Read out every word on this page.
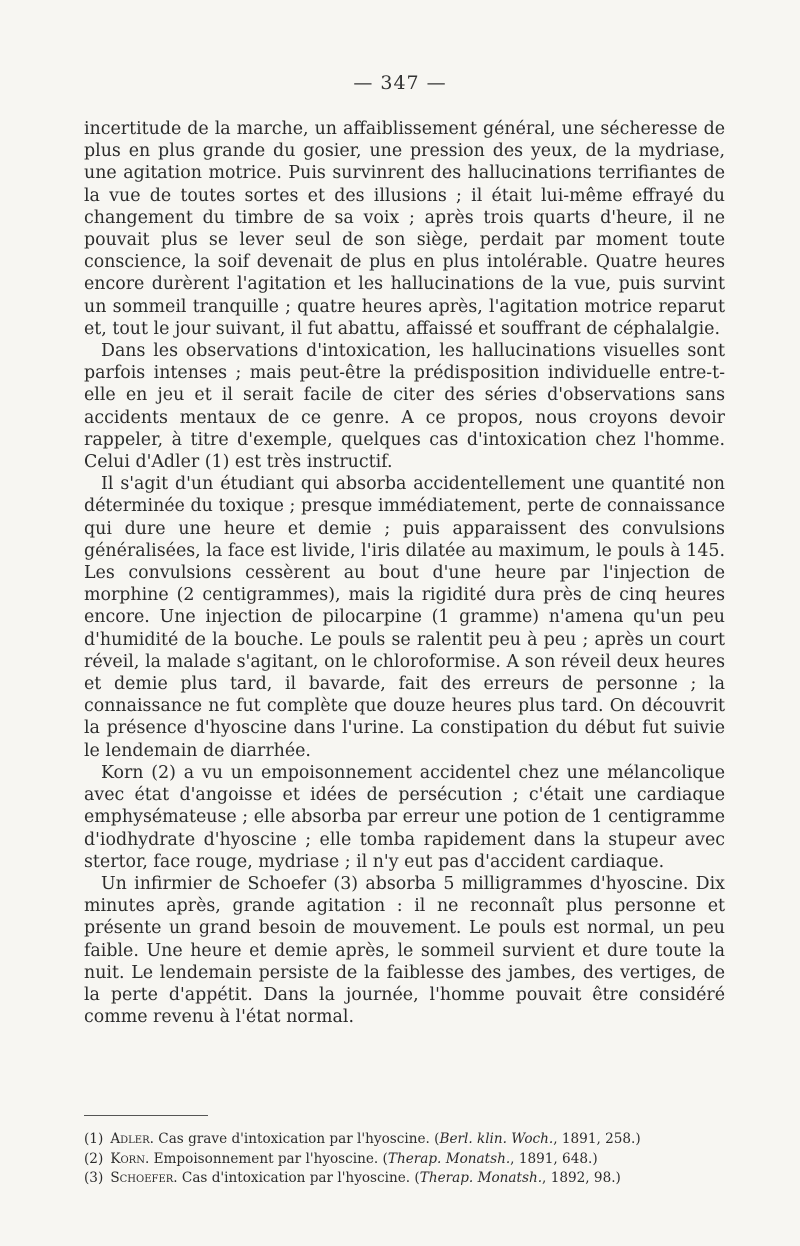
— 347 —

incertitude de la marche, un affaiblissement général, une sécheresse de plus en plus grande du gosier, une pression des yeux, de la mydriase, une agitation motrice. Puis survinrent des hallucinations terrifiantes de la vue de toutes sortes et des illusions ; il était lui-même effrayé du changement du timbre de sa voix ; après trois quarts d'heure, il ne pouvait plus se lever seul de son siège, perdait par moment toute conscience, la soif devenait de plus en plus intolérable. Quatre heures encore durèrent l'agitation et les hallucinations de la vue, puis survint un sommeil tranquille ; quatre heures après, l'agitation motrice reparut et, tout le jour suivant, il fut abattu, affaissé et souffrant de céphalalgie.

Dans les observations d'intoxication, les hallucinations visuelles sont parfois intenses ; mais peut-être la prédisposition individuelle entre-t-elle en jeu et il serait facile de citer des séries d'observations sans accidents mentaux de ce genre. A ce propos, nous croyons devoir rappeler, à titre d'exemple, quelques cas d'intoxication chez l'homme. Celui d'Adler (1) est très instructif.

Il s'agit d'un étudiant qui absorba accidentellement une quantité non déterminée du toxique ; presque immédiatement, perte de connaissance qui dure une heure et demie ; puis apparaissent des convulsions généralisées, la face est livide, l'iris dilatée au maximum, le pouls à 145. Les convulsions cessèrent au bout d'une heure par l'injection de morphine (2 centigrammes), mais la rigidité dura près de cinq heures encore. Une injection de pilocarpine (1 gramme) n'amena qu'un peu d'humidité de la bouche. Le pouls se ralentit peu à peu ; après un court réveil, la malade s'agitant, on le chloroformise. A son réveil deux heures et demie plus tard, il bavarde, fait des erreurs de personne ; la connaissance ne fut complète que douze heures plus tard. On découvrit la présence d'hyoscine dans l'urine. La constipation du début fut suivie le lendemain de diarrhée.

Korn (2) a vu un empoisonnement accidentel chez une mélancolique avec état d'angoisse et idées de persécution ; c'était une cardiaque emphysémateuse ; elle absorba par erreur une potion de 1 centigramme d'iodhydrate d'hyoscine ; elle tomba rapidement dans la stupeur avec stertor, face rouge, mydriase ; il n'y eut pas d'accident cardiaque.

Un infirmier de Schoefer (3) absorba 5 milligrammes d'hyoscine. Dix minutes après, grande agitation : il ne reconnaît plus personne et présente un grand besoin de mouvement. Le pouls est normal, un peu faible. Une heure et demie après, le sommeil survient et dure toute la nuit. Le lendemain persiste de la faiblesse des jambes, des vertiges, de la perte d'appétit. Dans la journée, l'homme pouvait être considéré comme revenu à l'état normal.

(1) Adler. Cas grave d'intoxication par l'hyoscine. (Berl. klin. Woch., 1891, 258.)
(2) Korn. Empoisonnement par l'hyoscine. (Therap. Monatsh., 1891, 648.)
(3) Schoefer. Cas d'intoxication par l'hyoscine. (Therap. Monatsh., 1892, 98.)
